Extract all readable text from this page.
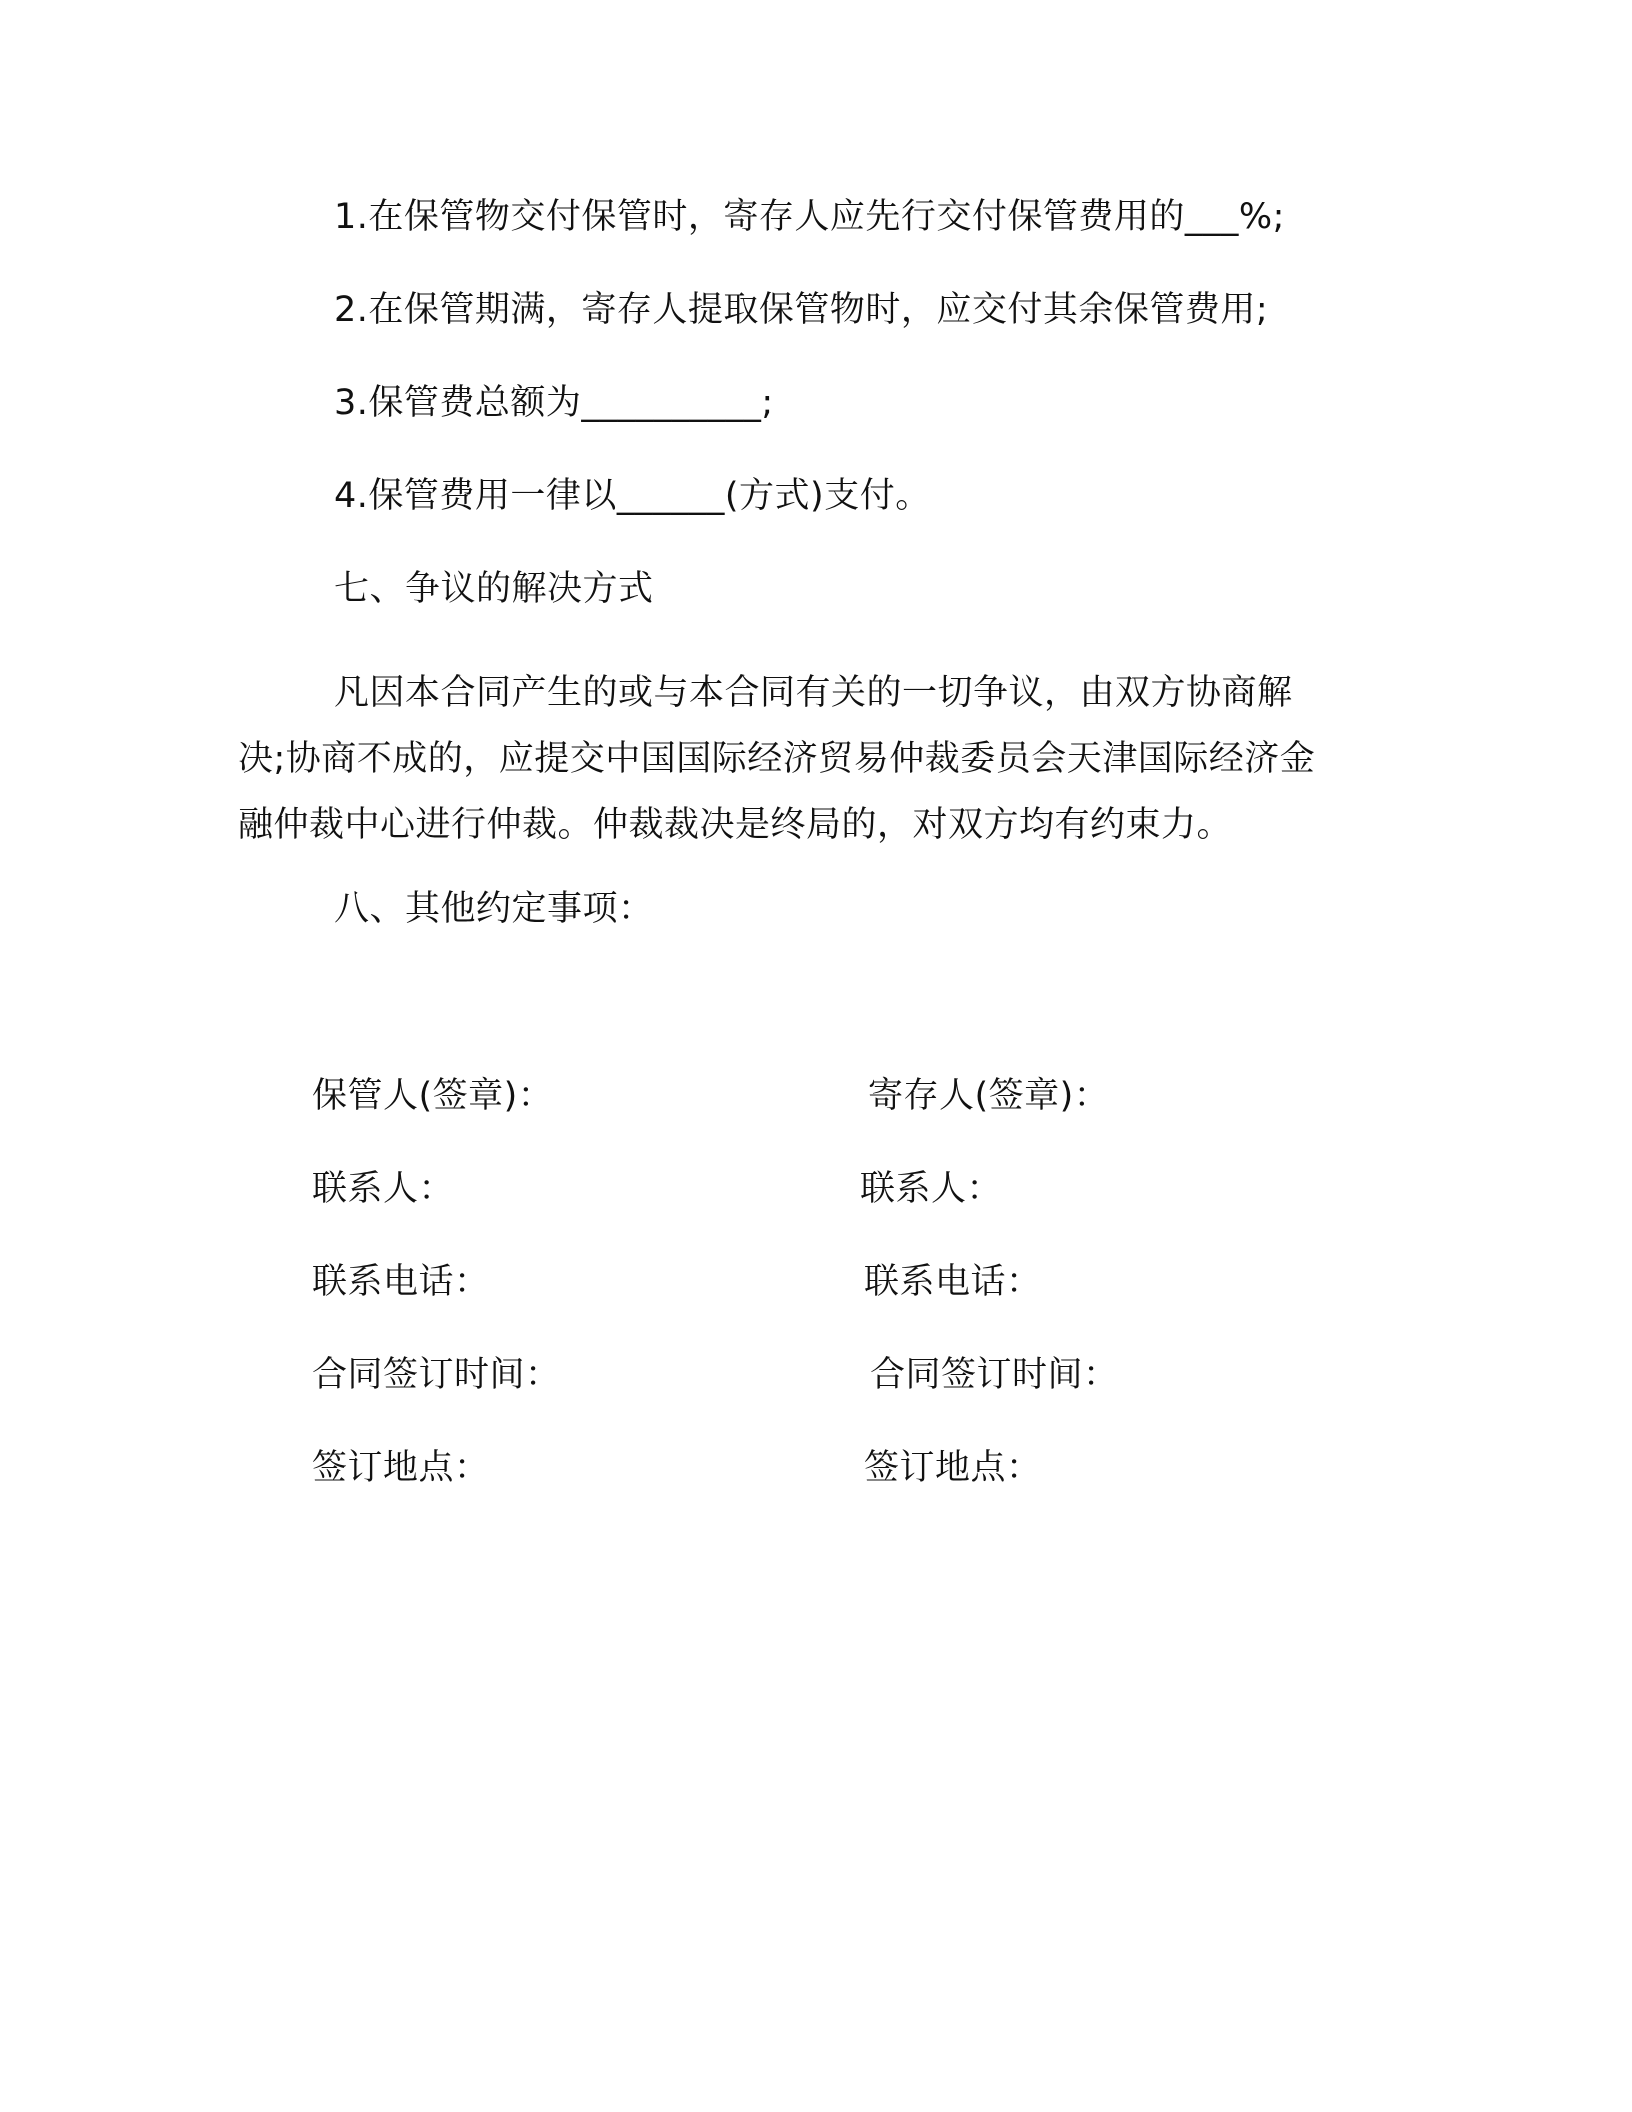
1.在保管物交付保管时，寄存人应先行交付保管费用的___%;
2.在保管期满，寄存人提取保管物时，应交付其余保管费用;
3.保管费总额为__________;
4.保管费用一律以______(方式)支付。
七、争议的解决方式
凡因本合同产生的或与本合同有关的一切争议，由双方协商解
决;协商不成的，应提交中国国际经济贸易仲裁委员会天津国际经济金
融仲裁中心进行仲裁。仲裁裁决是终局的，对双方均有约束力。
八、其他约定事项：
保管人(签章)：
联系人：
联系电话：
合同签订时间：
签订地点：
寄存人(签章)：
联系人：
联系电话：
合同签订时间：
签订地点：
